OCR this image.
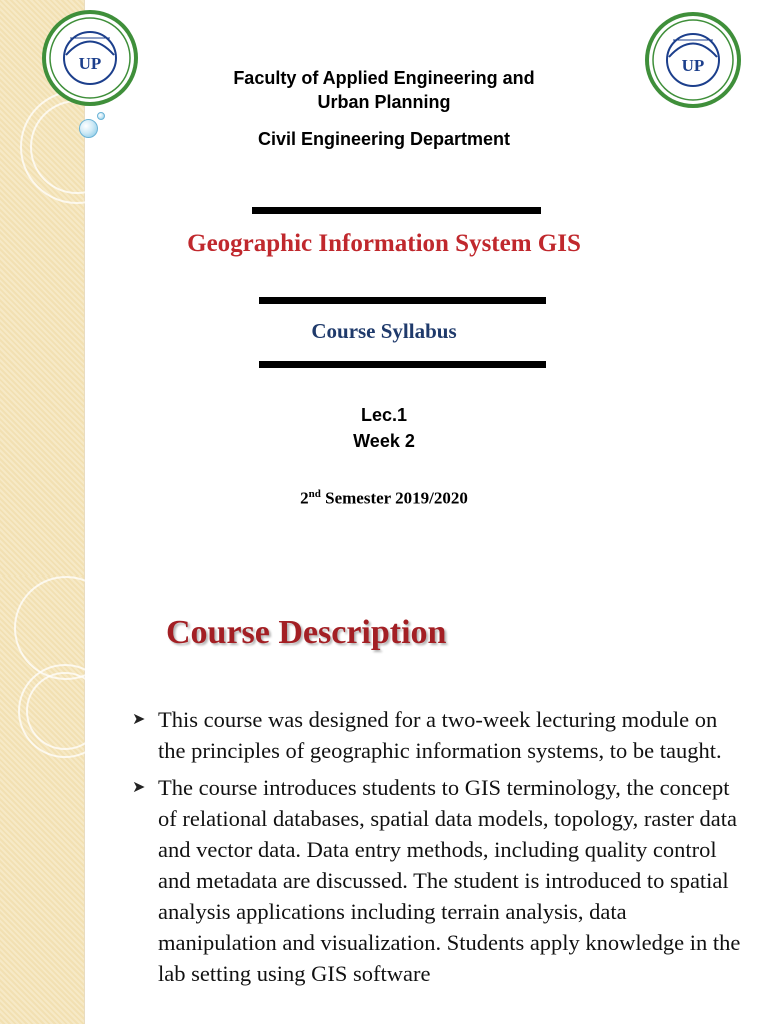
UP	UP
Faculty of Applied Engineering and
Urban Planning
Civil Engineering Department
Geographic Information System GIS
Course Syllabus
Lec.1
Week 2
2nd Semester 2019/2020
Course Description
➤ This course was designed for a two-week lecturing module on the principles of geographic information systems, to be taught.
➤ The course introduces students to GIS terminology, the concept of relational databases, spatial data models, topology, raster data and vector data. Data entry methods, including quality control and metadata are discussed. The student is introduced to spatial analysis applications including terrain analysis, data manipulation and visualization. Students apply knowledge in the lab setting using GIS software
